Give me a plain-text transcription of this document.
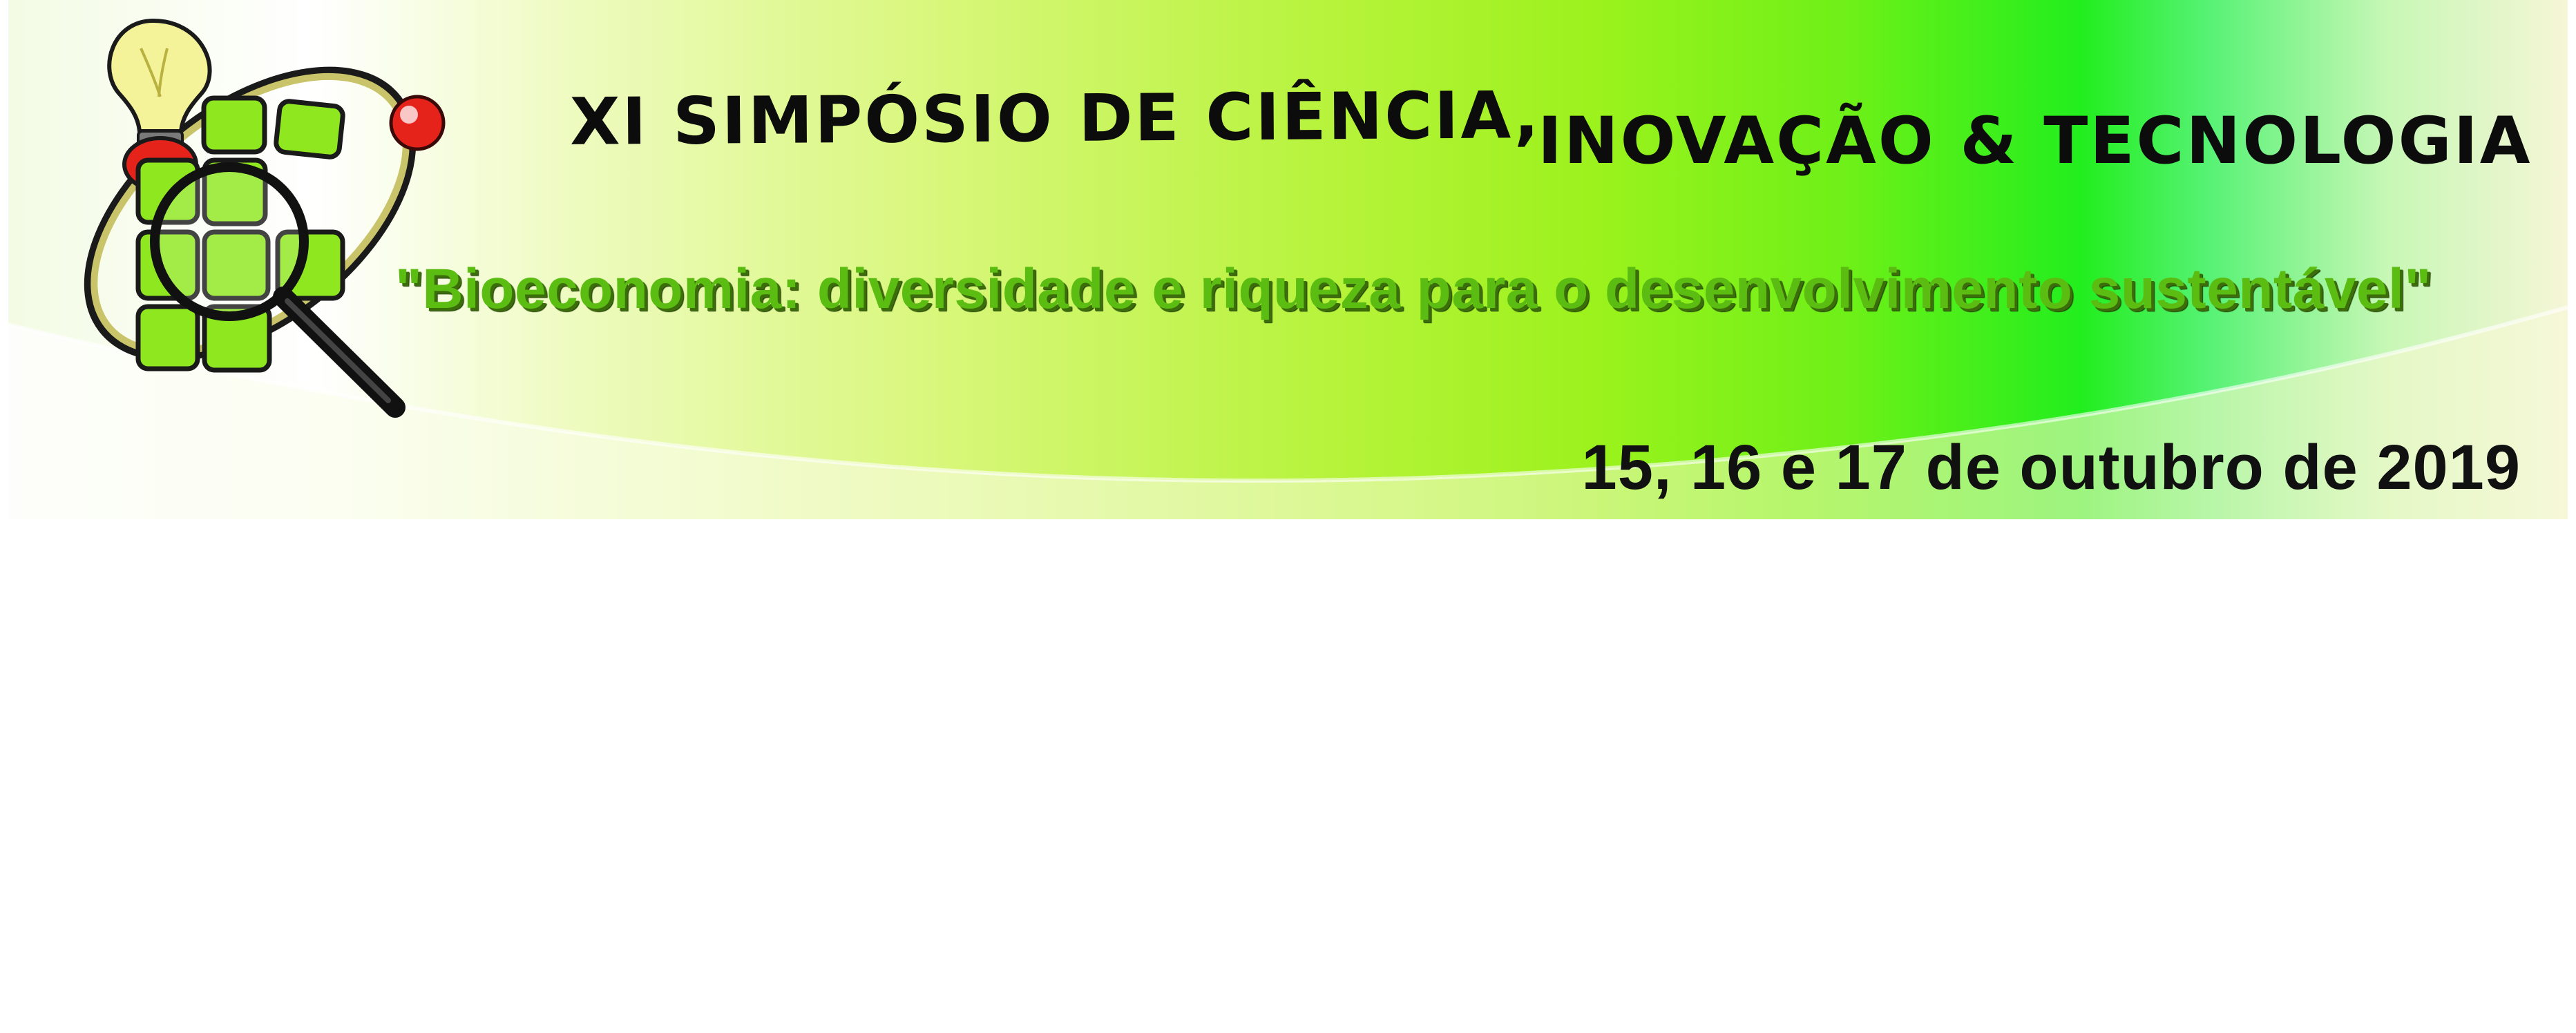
XI SIMPÓSIO DE CIÊNCIA,
INOVAÇÃO & TECNOLOGIA
"Bioeconomia: diversidade e riqueza para o desenvolvimento sustentável"
15, 16 e 17 de outubro de 2019
